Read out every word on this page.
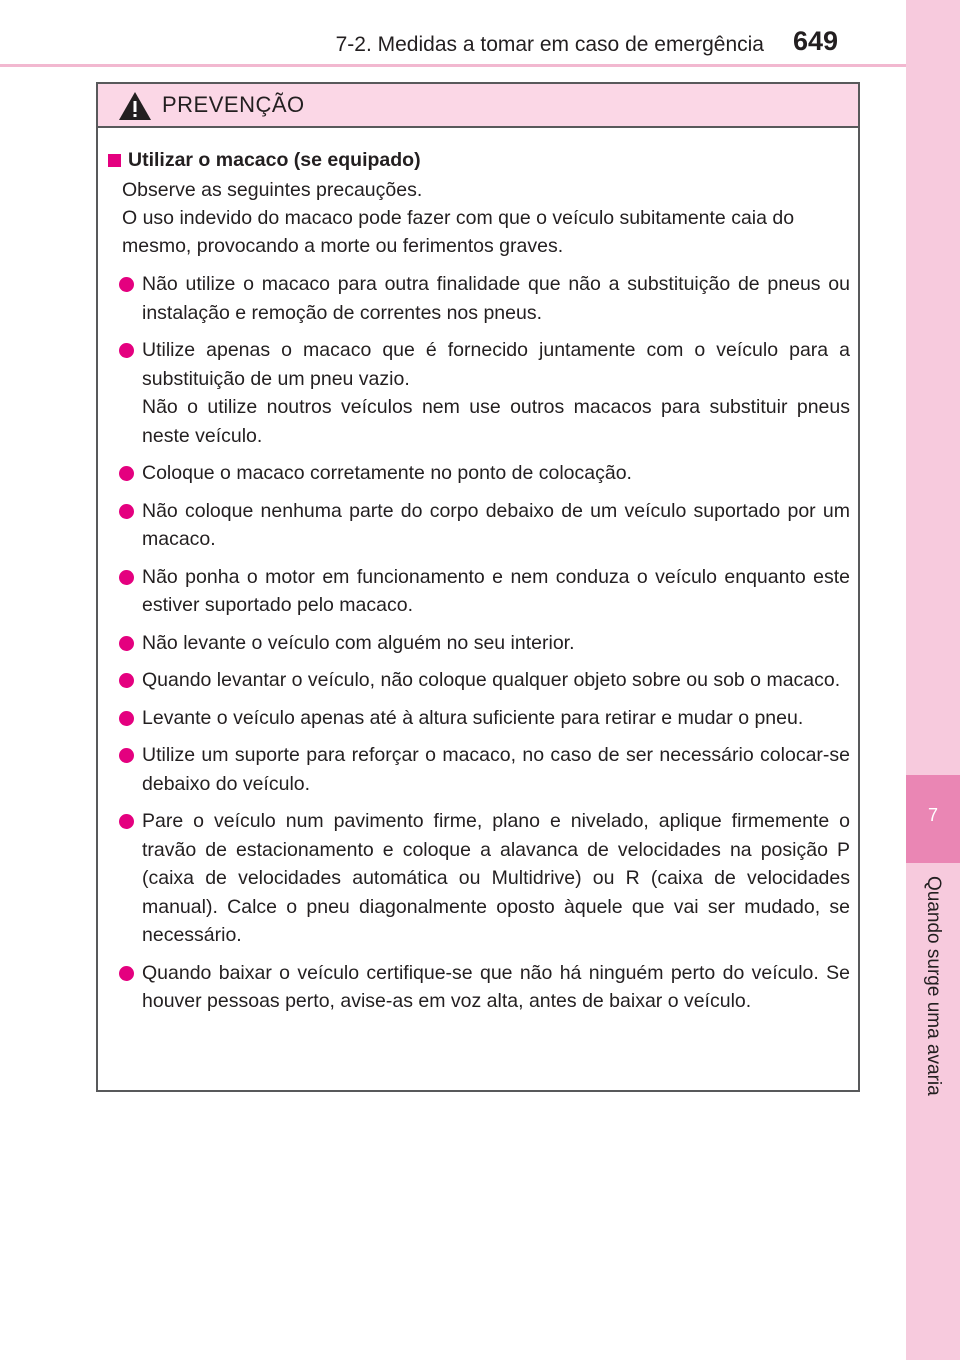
7-2. Medidas a tomar em caso de emergência 649
7
Quando surge uma avaria
PREVENÇÃO
Utilizar o macaco (se equipado)

Observe as seguintes precauções.

O uso indevido do macaco pode fazer com que o veículo subitamente caia do mesmo, provocando a morte ou ferimentos graves.

Não utilize o macaco para outra finalidade que não a substituição de pneus ou instalação e remoção de correntes nos pneus.

Utilize apenas o macaco que é fornecido juntamente com o veículo para a substituição de um pneu vazio.

Não o utilize noutros veículos nem use outros macacos para substituir pneus neste veículo.

Coloque o macaco corretamente no ponto de colocação.

Não coloque nenhuma parte do corpo debaixo de um veículo suportado por um macaco.

Não ponha o motor em funcionamento e nem conduza o veículo enquanto este estiver suportado pelo macaco.

Não levante o veículo com alguém no seu interior.

Quando levantar o veículo, não coloque qualquer objeto sobre ou sob o macaco.

Levante o veículo apenas até à altura suficiente para retirar e mudar o pneu.

Utilize um suporte para reforçar o macaco, no caso de ser necessário colocar-se debaixo do veículo.

Pare o veículo num pavimento firme, plano e nivelado, aplique firmemente o travão de estacionamento e coloque a alavanca de velocidades na posição P (caixa de velocidades automática ou Multidrive) ou R (caixa de velocidades manual). Calce o pneu diagonalmente oposto àquele que vai ser mudado, se necessário.

Quando baixar o veículo certifique-se que não há ninguém perto do veículo. Se houver pessoas perto, avise-as em voz alta, antes de baixar o veículo.
